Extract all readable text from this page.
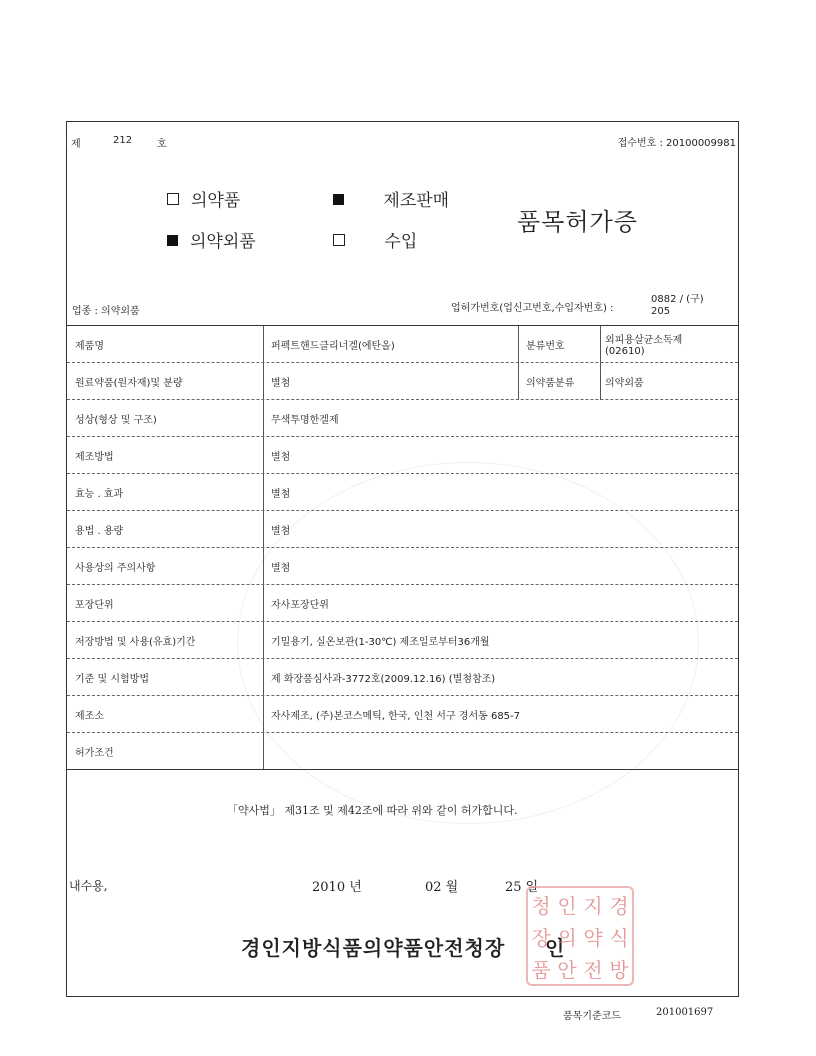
제	212 호	접수번호 : 20100009981
의약품	제조판매
의약외품	수입
품목허가증
업종 : 의약외품	업허가번호(업신고번호,수입자번호) :
0882 / (구)
205
제품명	퍼펙트핸드클리너겔(에탄올)	분류번호	외피용살균소독제
(02610)
원료약품(원자재)및 분량	별첨	의약품분류	의약외품
성상(형상 및 구조)	무색투명한겔제
제조방법	별첨
효능 . 효과	별첨
용법 . 용량	별첨
사용상의 주의사항	별첨
포장단위	자사포장단위
저장방법 및 사용(유효)기간	기밀용기, 실온보관(1-30℃) 제조일로부터36개월
기준 및 시험방법	제 화장품심사과-3772호(2009.12.16) (별첨참조)
제조소	자사제조, (주)본코스메틱, 한국, 인천 서구 경서동 685-7
허가조건
「약사법」 제31조 및 제42조에 따라 위와 같이 허가합니다.
내수용,	2010 년	02 월	25 일
경인지방식품의약품안전청장 인
청 인 지 경
장 의 약 식
품 안 전 방
품목기준코드	201001697
